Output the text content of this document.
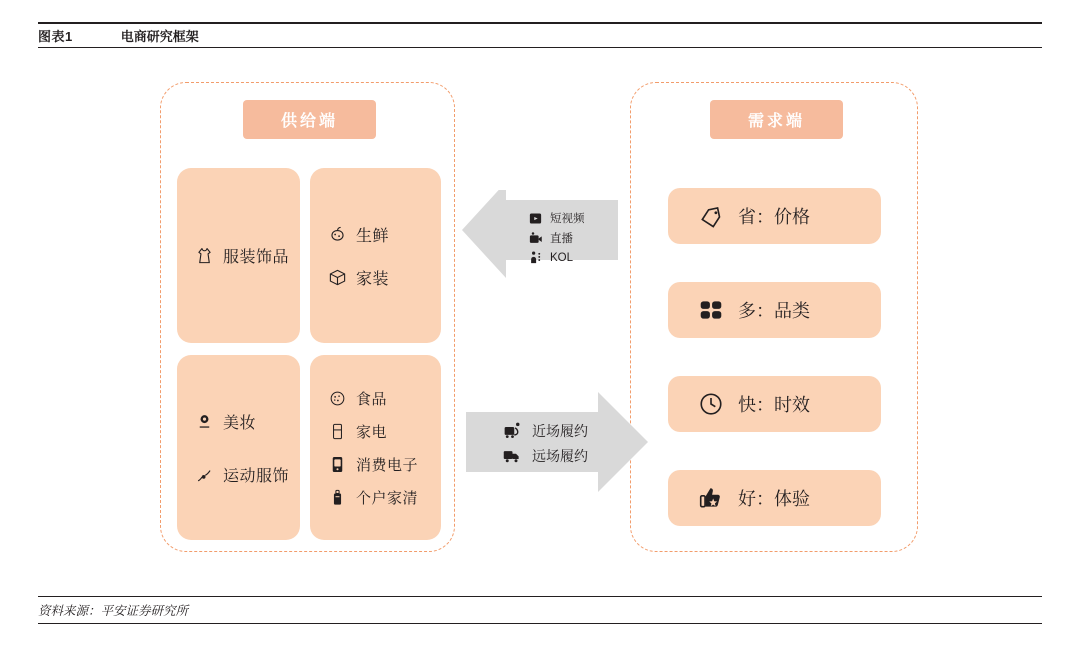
图表1	电商研究框架
供给端	需求端
服装饰品
生鲜
家装
美妆
运动服饰
食品
家电
消费电子
个户家清
短视频
直播
KOL
近场履约
远场履约
省：价格
多：品类
快：时效
好：体验
资料来源：平安证券研究所
